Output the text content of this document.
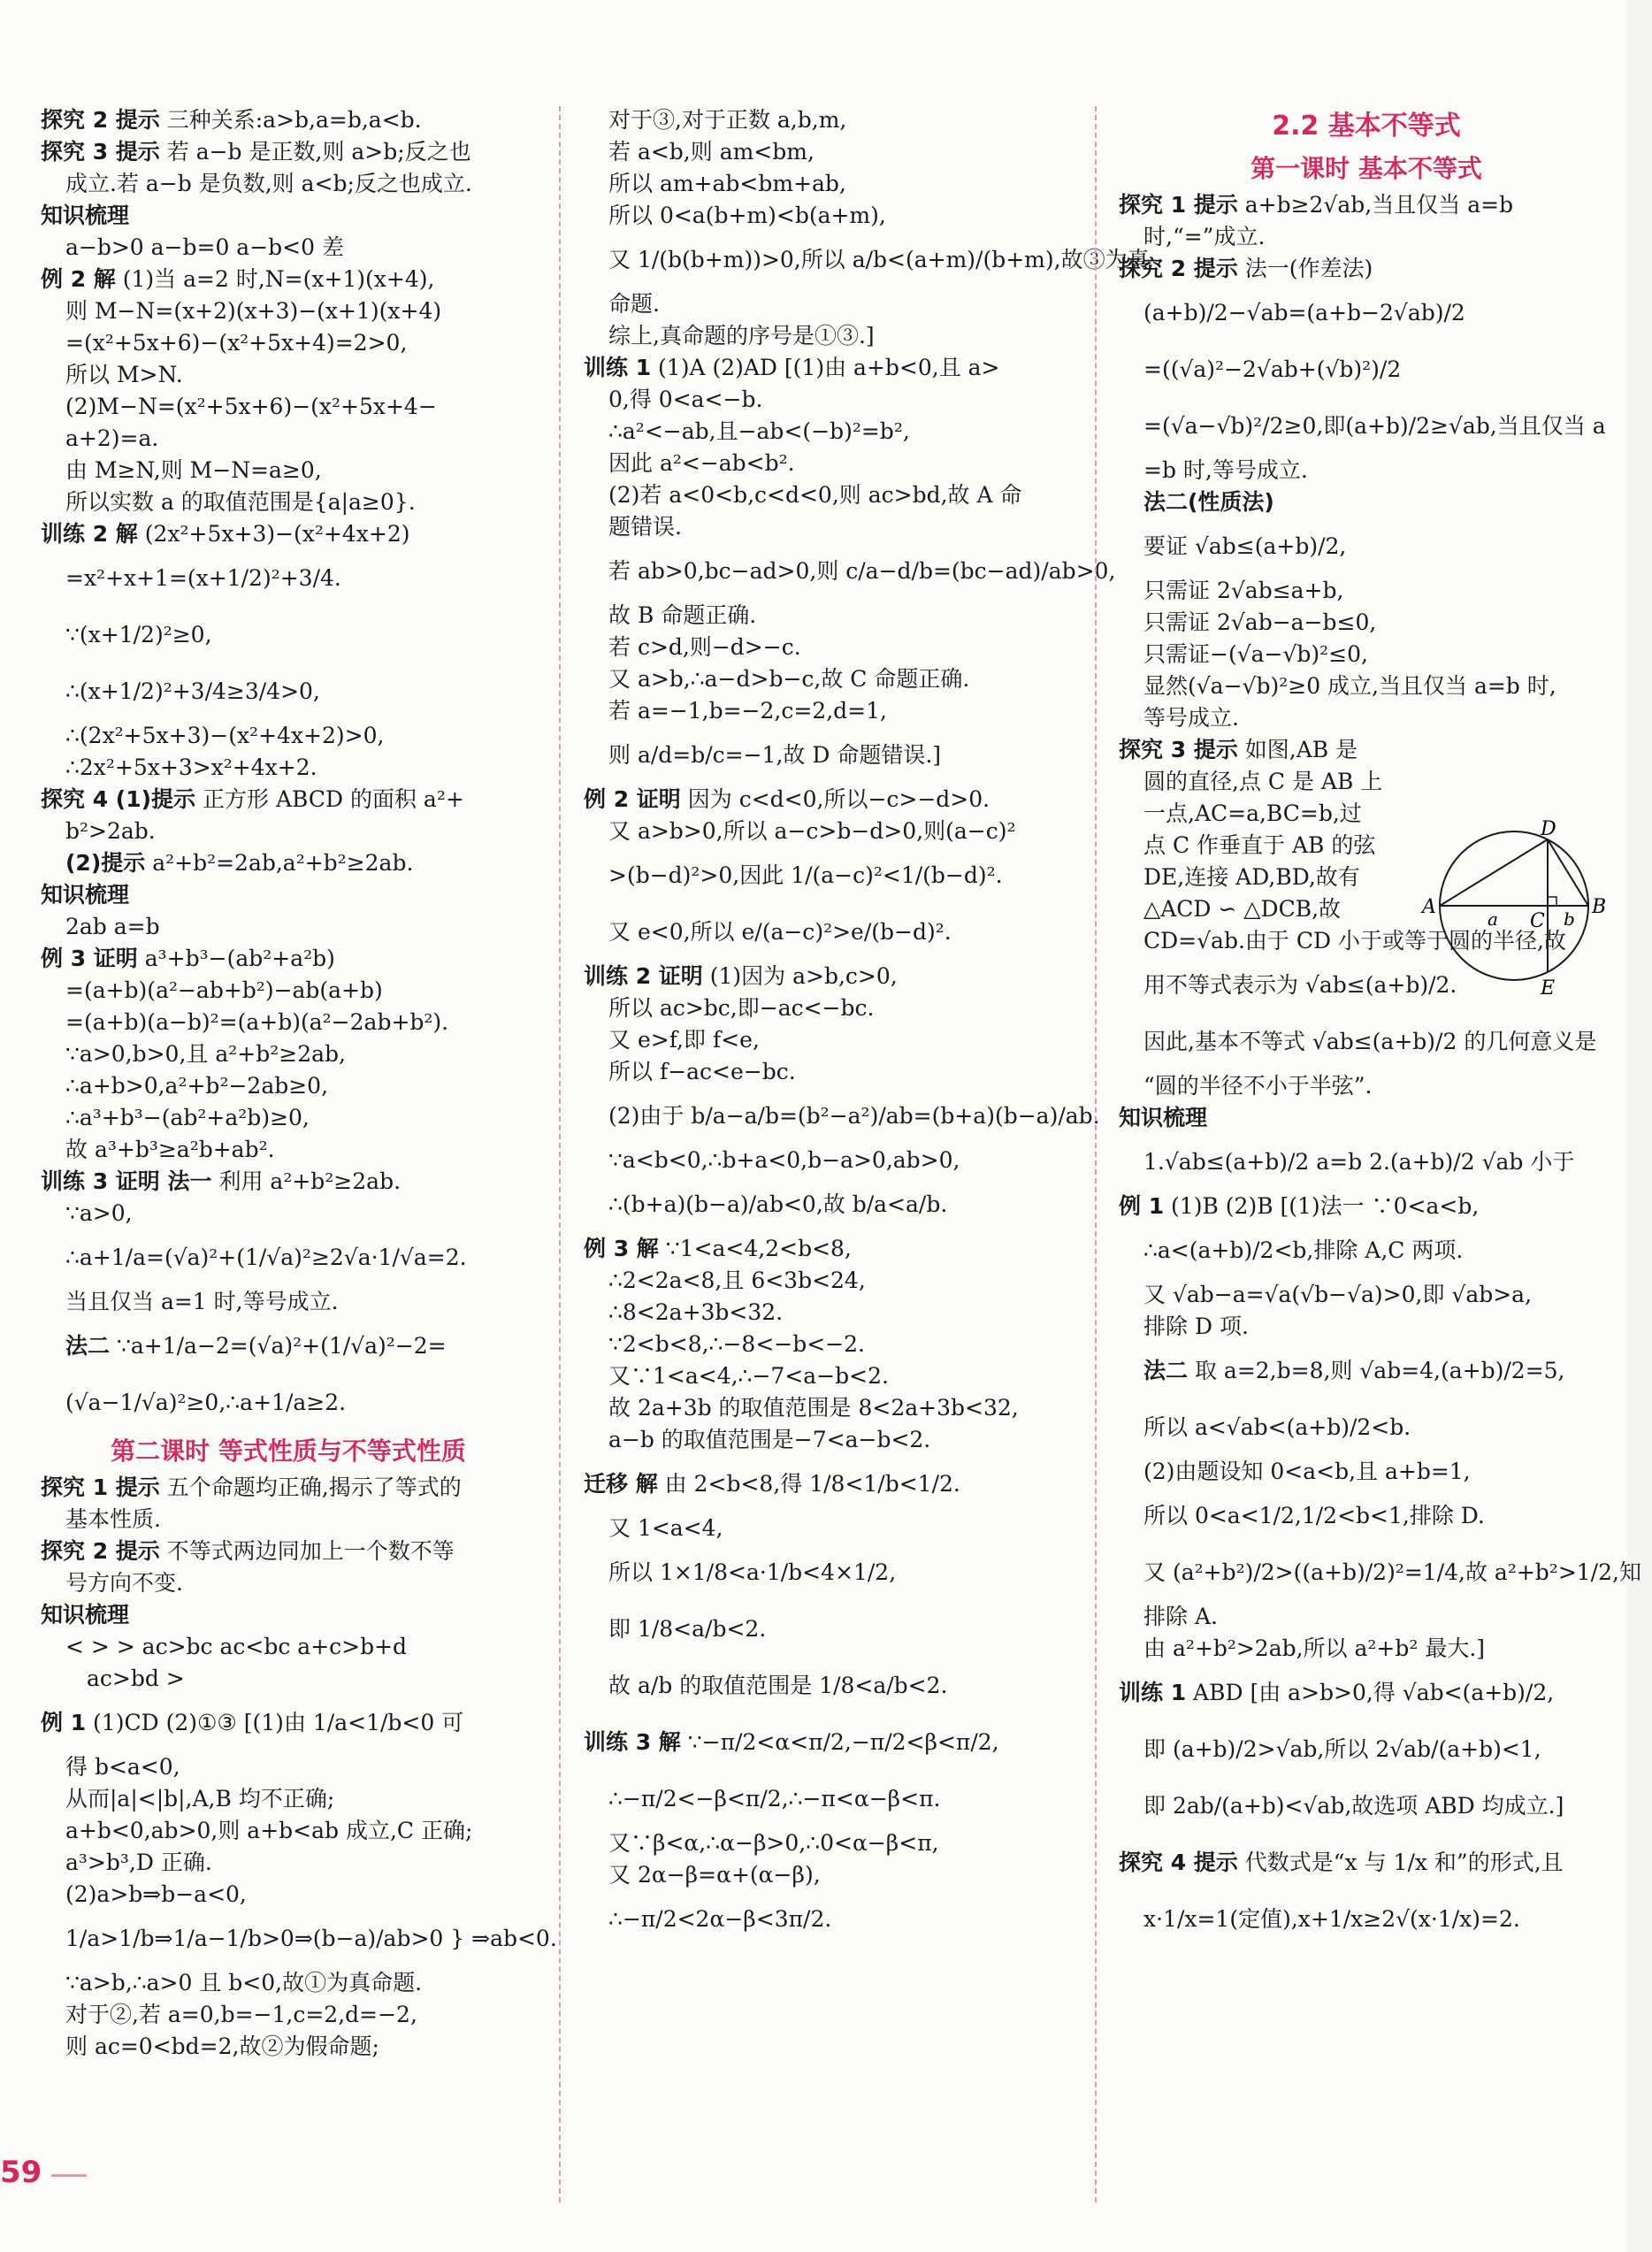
探究 2 提示 三种关系:a>b,a=b,a<b.
探究 3 提示 若 a−b 是正数,则 a>b;反之也
成立.若 a−b 是负数,则 a<b;反之也成立.
知识梳理
a−b>0 a−b=0 a−b<0 差
例 2 解 (1)当 a=2 时,N=(x+1)(x+4),
则 M−N=(x+2)(x+3)−(x+1)(x+4)
=(x²+5x+6)−(x²+5x+4)=2>0,
所以 M>N.
(2)M−N=(x²+5x+6)−(x²+5x+4−
a+2)=a.
由 M≥N,则 M−N=a≥0,
所以实数 a 的取值范围是{a|a≥0}.
训练 2 解 (2x²+5x+3)−(x²+4x+2)
=x²+x+1=(x+1/2)²+3/4.
∵(x+1/2)²≥0,
∴(x+1/2)²+3/4≥3/4>0,
∴(2x²+5x+3)−(x²+4x+2)>0,
∴2x²+5x+3>x²+4x+2.
探究 4 (1)提示 正方形 ABCD 的面积 a²+
b²>2ab.
(2)提示 a²+b²=2ab,a²+b²≥2ab.
知识梳理
2ab a=b
例 3 证明 a³+b³−(ab²+a²b)
=(a+b)(a²−ab+b²)−ab(a+b)
=(a+b)(a−b)²=(a+b)(a²−2ab+b²).
∵a>0,b>0,且 a²+b²≥2ab,
∴a+b>0,a²+b²−2ab≥0,
∴a³+b³−(ab²+a²b)≥0,
故 a³+b³≥a²b+ab².
训练 3 证明 法一 利用 a²+b²≥2ab.
∵a>0,
∴a+1/a=(√a)²+(1/√a)²≥2√a·1/√a=2.
当且仅当 a=1 时,等号成立.
法二 ∵a+1/a−2=(√a)²+(1/√a)²−2=
(√a−1/√a)²≥0,∴a+1/a≥2.
第二课时 等式性质与不等式性质
探究 1 提示 五个命题均正确,揭示了等式的
基本性质.
探究 2 提示 不等式两边同加上一个数不等
号方向不变.
知识梳理
< > > ac>bc ac<bc a+c>b+d
ac>bd >
例 1 (1)CD (2)①③ [(1)由 1/a<1/b<0 可
得 b<a<0,
从而|a|<|b|,A,B 均不正确;
a+b<0,ab>0,则 a+b<ab 成立,C 正确;
a³>b³,D 正确.
(2)a>b⇒b−a<0,
1/a>1/b⇒1/a−1/b>0⇒(b−a)/ab>0 } ⇒ab<0.
∵a>b,∴a>0 且 b<0,故①为真命题.
对于②,若 a=0,b=−1,c=2,d=−2,
则 ac=0<bd=2,故②为假命题;
对于③,对于正数 a,b,m,
若 a<b,则 am<bm,
所以 am+ab<bm+ab,
所以 0<a(b+m)<b(a+m),
又 1/(b(b+m))>0,所以 a/b<(a+m)/(b+m),故③为真
命题.
综上,真命题的序号是①③.]
训练 1 (1)A (2)AD [(1)由 a+b<0,且 a>
0,得 0<a<−b.
∴a²<−ab,且−ab<(−b)²=b²,
因此 a²<−ab<b².
(2)若 a<0<b,c<d<0,则 ac>bd,故 A 命
题错误.
若 ab>0,bc−ad>0,则 c/a−d/b=(bc−ad)/ab>0,
故 B 命题正确.
若 c>d,则−d>−c.
又 a>b,∴a−d>b−c,故 C 命题正确.
若 a=−1,b=−2,c=2,d=1,
则 a/d=b/c=−1,故 D 命题错误.]
例 2 证明 因为 c<d<0,所以−c>−d>0.
又 a>b>0,所以 a−c>b−d>0,则(a−c)²
>(b−d)²>0,因此 1/(a−c)²<1/(b−d)².
又 e<0,所以 e/(a−c)²>e/(b−d)².
训练 2 证明 (1)因为 a>b,c>0,
所以 ac>bc,即−ac<−bc.
又 e>f,即 f<e,
所以 f−ac<e−bc.
(2)由于 b/a−a/b=(b²−a²)/ab=(b+a)(b−a)/ab.
∵a<b<0,∴b+a<0,b−a>0,ab>0,
∴(b+a)(b−a)/ab<0,故 b/a<a/b.
例 3 解 ∵1<a<4,2<b<8,
∴2<2a<8,且 6<3b<24,
∴8<2a+3b<32.
∵2<b<8,∴−8<−b<−2.
又∵1<a<4,∴−7<a−b<2.
故 2a+3b 的取值范围是 8<2a+3b<32,
a−b 的取值范围是−7<a−b<2.
迁移 解 由 2<b<8,得 1/8<1/b<1/2.
又 1<a<4,
所以 1×1/8<a·1/b<4×1/2,
即 1/8<a/b<2.
故 a/b 的取值范围是 1/8<a/b<2.
训练 3 解 ∵−π/2<α<π/2,−π/2<β<π/2,
∴−π/2<−β<π/2,∴−π<α−β<π.
又∵β<α,∴α−β>0,∴0<α−β<π,
又 2α−β=α+(α−β),
∴−π/2<2α−β<3π/2.
2.2 基本不等式
第一课时 基本不等式
探究 1 提示 a+b≥2√ab,当且仅当 a=b
时,“=”成立.
探究 2 提示 法一(作差法)
(a+b)/2−√ab=(a+b−2√ab)/2
=((√a)²−2√ab+(√b)²)/2
=(√a−√b)²/2≥0,即(a+b)/2≥√ab,当且仅当 a
=b 时,等号成立.
法二(性质法)
要证 √ab≤(a+b)/2,
只需证 2√ab≤a+b,
只需证 2√ab−a−b≤0,
只需证−(√a−√b)²≤0,
显然(√a−√b)²≥0 成立,当且仅当 a=b 时,
等号成立.
探究 3 提示 如图,AB 是
圆的直径,点 C 是 AB 上
一点,AC=a,BC=b,过
点 C 作垂直于 AB 的弦
DE,连接 AD,BD,故有
△ACD ∽ △DCB,故
CD=√ab.由于 CD 小于或等于圆的半径,故
用不等式表示为 √ab≤(a+b)/2.
因此,基本不等式 √ab≤(a+b)/2 的几何意义是
“圆的半径不小于半弦”.
知识梳理
1.√ab≤(a+b)/2 a=b 2.(a+b)/2 √ab 小于
例 1 (1)B (2)B [(1)法一 ∵0<a<b,
∴a<(a+b)/2<b,排除 A,C 两项.
又 √ab−a=√a(√b−√a)>0,即 √ab>a,
排除 D 项.
法二 取 a=2,b=8,则 √ab=4,(a+b)/2=5,
所以 a<√ab<(a+b)/2<b.
(2)由题设知 0<a<b,且 a+b=1,
所以 0<a<1/2,1/2<b<1,排除 D.
又 (a²+b²)/2>((a+b)/2)²=1/4,故 a²+b²>1/2,知
排除 A.
由 a²+b²>2ab,所以 a²+b² 最大.]
训练 1 ABD [由 a>b>0,得 √ab<(a+b)/2,
即 (a+b)/2>√ab,所以 2√ab/(a+b)<1,
即 2ab/(a+b)<√ab,故选项 ABD 均成立.]
探究 4 提示 代数式是“x 与 1/x 和”的形式,且
x·1/x=1(定值),x+1/x≥2√(x·1/x)=2.
A	B
C
D
E
a	b
59
